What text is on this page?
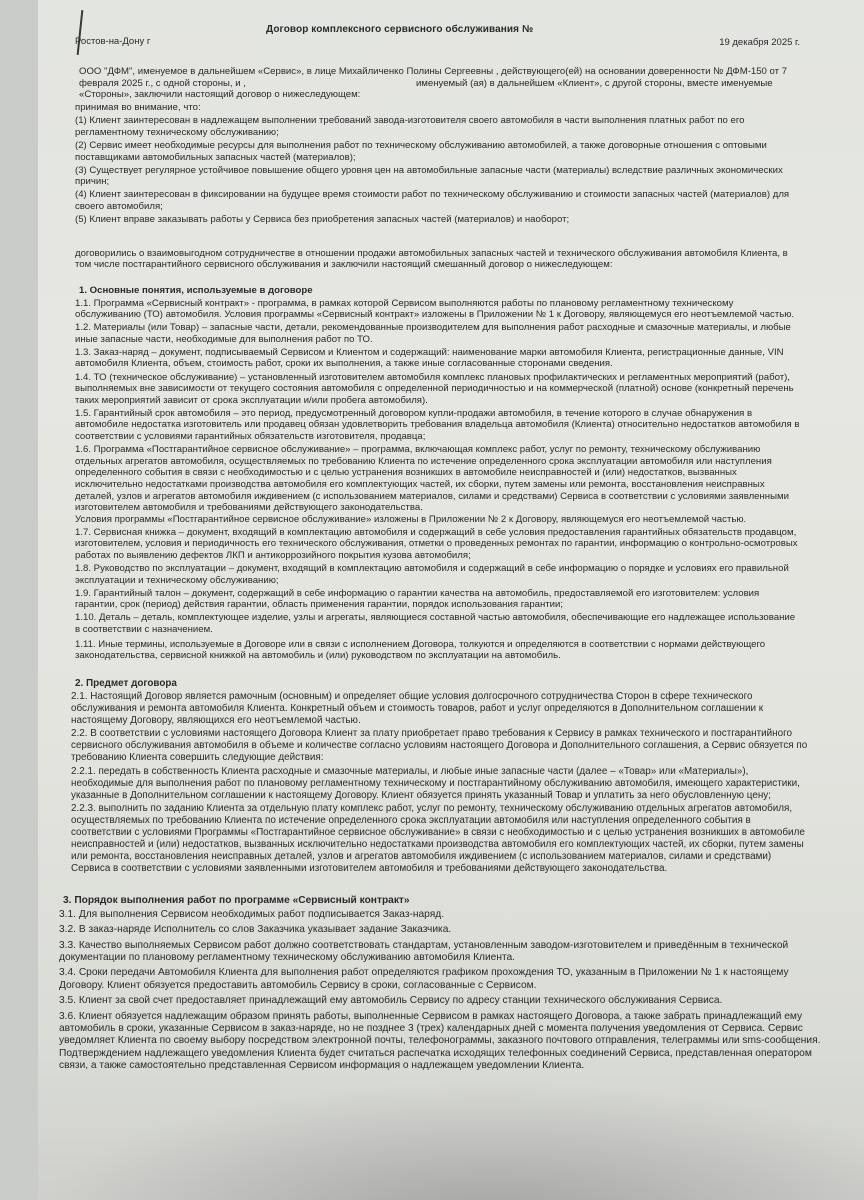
Договор комплексного сервисного обслуживания №
Ростов-на-Дону г	19 декабря 2025 г.

ООО "ДФМ", именуемое в дальнейшем «Сервис», в лице Михайличенко Полины Сергеевны , действующего(ей) на основании доверенности № ДФМ-150 от 7 февраля 2025 г., с одной стороны, и ,	именуемый (ая) в дальнейшем «Клиент», с другой стороны, вместе именуемые «Стороны», заключили настоящий договор о нижеследующем:

принимая во внимание, что:

(1) Клиент заинтересован в надлежащем выполнении требований завода-изготовителя своего автомобиля в части выполнения платных работ по его регламентному техническому обслуживанию;

(2) Сервис имеет необходимые ресурсы для выполнения работ по техническому обслуживанию автомобилей, а также договорные отношения с оптовыми поставщиками автомобильных запасных частей (материалов);

(3) Существует регулярное устойчивое повышение общего уровня цен на автомобильные запасные части (материалы) вследствие различных экономических причин;

(4) Клиент заинтересован в фиксировании на будущее время стоимости работ по техническому обслуживанию и стоимости запасных частей (материалов) для своего автомобиля;

(5) Клиент вправе заказывать работы у Сервиса без приобретения запасных частей (материалов) и наоборот;

договорились о взаимовыгодном сотрудничестве в отношении продажи автомобильных запасных частей и технического обслуживания автомобиля Клиента, в том числе постгарантийного сервисного обслуживания и заключили настоящий смешанный договор о нижеследующем:

1. Основные понятия, используемые в договоре

1.1. Программа «Сервисный контракт» - программа, в рамках которой Сервисом выполняются работы по плановому регламентному техническому обслуживанию (ТО) автомобиля. Условия программы «Сервисный контракт» изложены в Приложении № 1 к Договору, являющемуся его неотъемлемой частью.

1.2. Материалы (или Товар) – запасные части, детали, рекомендованные производителем для выполнения работ расходные и смазочные материалы, и любые иные запасные части, необходимые для выполнения работ по ТО.

1.3. Заказ-наряд – документ, подписываемый Сервисом и Клиентом и содержащий: наименование марки автомобиля Клиента, регистрационные данные, VIN автомобиля Клиента, объем, стоимость работ, сроки их выполнения, а также иные согласованные сторонами сведения.

1.4. ТО (техническое обслуживание) – установленный изготовителем автомобиля комплекс плановых профилактических и регламентных мероприятий (работ), выполняемых вне зависимости от текущего состояния автомобиля с определенной периодичностью и на коммерческой (платной) основе (конкретный перечень таких мероприятий зависит от срока эксплуатации и/или пробега автомобиля).

1.5. Гарантийный срок автомобиля – это период, предусмотренный договором купли-продажи автомобиля, в течение которого в случае обнаружения в автомобиле недостатка изготовитель или продавец обязан удовлетворить требования владельца автомобиля (Клиента) относительно недостатков автомобиля в соответствии с условиями гарантийных обязательств изготовителя, продавца;

1.6. Программа «Постгарантийное сервисное обслуживание» – программа, включающая комплекс работ, услуг по ремонту, техническому обслуживанию отдельных агрегатов автомобиля, осуществляемых по требованию Клиента по истечение определенного срока эксплуатации автомобиля или наступления определенного события в связи с необходимостью и с целью устранения возникших в автомобиле неисправностей и (или) недостатков, вызванных исключительно недостатками производства автомобиля его комплектующих частей, их сборки, путем замены или ремонта, восстановления неисправных деталей, узлов и агрегатов автомобиля иждивением (с использованием материалов, силами и средствами) Сервиса в соответствии с условиями заявленными изготовителем автомобиля и требованиями действующего законодательства.

Условия программы «Постгарантийное сервисное обслуживание» изложены в Приложении № 2 к Договору, являющемуся его неотъемлемой частью.

1.7. Сервисная книжка – документ, входящий в комплектацию автомобиля и содержащий в себе условия предоставления гарантийных обязательств продавцом, изготовителем, условия и периодичность его технического обслуживания, отметки о проведенных ремонтах по гарантии, информацию о контрольно-осмотровых работах по выявлению дефектов ЛКП и антикоррозийного покрытия кузова автомобиля;

1.8. Руководство по эксплуатации – документ, входящий в комплектацию автомобиля и содержащий в себе информацию о порядке и условиях его правильной эксплуатации и техническому обслуживанию;

1.9. Гарантийный талон – документ, содержащий в себе информацию о гарантии качества на автомобиль, предоставляемой его изготовителем: условия гарантии, срок (период) действия гарантии, область применения гарантии, порядок использования гарантии;

1.10. Деталь – деталь, комплектующее изделие, узлы и агрегаты, являющиеся составной частью автомобиля, обеспечивающие его надлежащее использование в соответствии с назначением.

1.11. Иные термины, используемые в Договоре или в связи с исполнением Договора, толкуются и определяются в соответствии с нормами действующего законодательства, сервисной книжкой на автомобиль и (или) руководством по эксплуатации на автомобиль.

2. Предмет договора

2.1. Настоящий Договор является рамочным (основным) и определяет общие условия долгосрочного сотрудничества Сторон в сфере технического обслуживания и ремонта автомобиля Клиента. Конкретный объем и стоимость товаров, работ и услуг определяются в Дополнительном соглашении к настоящему Договору, являющихся его неотъемлемой частью.

2.2. В соответствии с условиями настоящего Договора Клиент за плату приобретает право требования к Сервису в рамках технического и постгарантийного сервисного обслуживания автомобиля в объеме и количестве согласно условиям настоящего Договора и Дополнительного соглашения, а Сервис обязуется по требованию Клиента совершить следующие действия:

2.2.1. передать в собственность Клиента расходные и смазочные материалы, и любые иные запасные части (далее – «Товар» или «Материалы»), необходимые для выполнения работ по плановому регламентному техническому и постгарантийному обслуживанию автомобиля, имеющего характеристики, указанные в Дополнительном соглашении к настоящему Договору. Клиент обязуется принять указанный Товар и уплатить за него обусловленную цену;

2.2.3. выполнить по заданию Клиента за отдельную плату комплекс работ, услуг по ремонту, техническому обслуживанию отдельных агрегатов автомобиля, осуществляемых по требованию Клиента по истечение определенного срока эксплуатации автомобиля или наступления определенного события в соответствии с условиями Программы «Постгарантийное сервисное обслуживание» в связи с необходимостью и с целью устранения возникших в автомобиле неисправностей и (или) недостатков, вызванных исключительно недостатками производства автомобиля его комплектующих частей, их сборки, путем замены или ремонта, восстановления неисправных деталей, узлов и агрегатов автомобиля иждивением (с использованием материалов, силами и средствами) Сервиса в соответствии с условиями заявленными изготовителем автомобиля и требованиями действующего законодательства.

3. Порядок выполнения работ по программе «Сервисный контракт»

3.1. Для выполнения Сервисом необходимых работ подписывается Заказ-наряд.

3.2. В заказ-наряде Исполнитель со слов Заказчика указывает задание Заказчика.

3.3. Качество выполняемых Сервисом работ должно соответствовать стандартам, установленным заводом-изготовителем и приведённым в технической документации по плановому регламентному техническому обслуживанию автомобиля Клиента.

3.4. Сроки передачи Автомобиля Клиента для выполнения работ определяются графиком прохождения ТО, указанным в Приложении № 1 к настоящему Договору. Клиент обязуется предоставить автомобиль Сервису в сроки, согласованные с Сервисом.

3.5. Клиент за свой счет предоставляет принадлежащий ему автомобиль Сервису по адресу станции технического обслуживания Сервиса.

3.6. Клиент обязуется надлежащим образом принять работы, выполненные Сервисом в рамках настоящего Договора, а также забрать принадлежащий ему автомобиль в сроки, указанные Сервисом в заказ-наряде, но не позднее 3 (трех) календарных дней с момента получения уведомления от Сервиса. Сервис уведомляет Клиента по своему выбору посредством электронной почты, телефонограммы, заказного почтового отправления, телеграммы или sms-сообщения. Подтверждением надлежащего уведомления Клиента будет считаться распечатка исходящих телефонных соединений Сервиса, представленная оператором связи, а также самостоятельно представленная Сервисом информация о надлежащем уведомлении Клиента.
